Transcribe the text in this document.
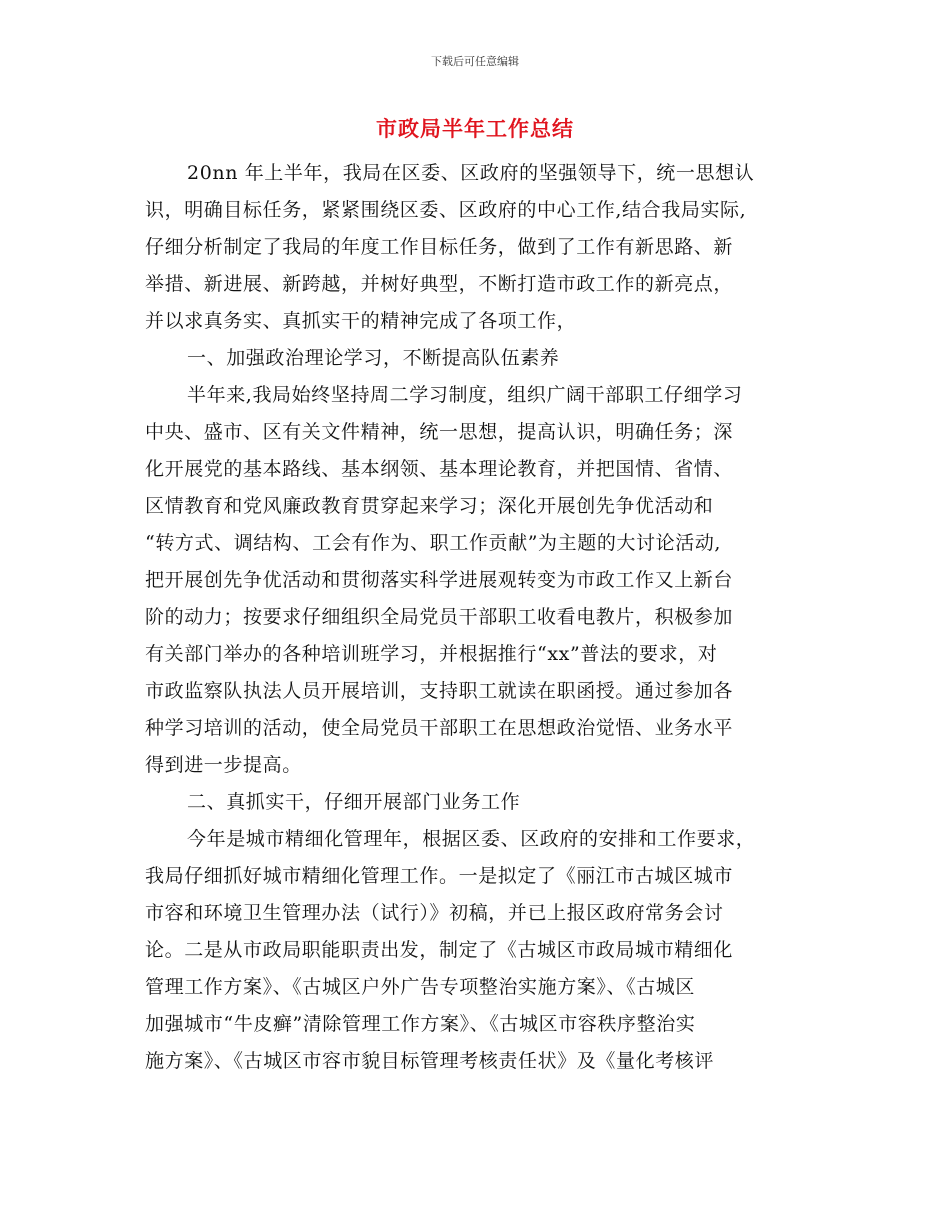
下载后可任意编辑
市政局半年工作总结
20nn 年上半年，我局在区委、区政府的坚强领导下，统一思想认
识，明确目标任务，紧紧围绕区委、区政府的中心工作,结合我局实际,
仔细分析制定了我局的年度工作目标任务，做到了工作有新思路、新
举措、新进展、新跨越，并树好典型，不断打造市政工作的新亮点，
并以求真务实、真抓实干的精神完成了各项工作，
一、加强政治理论学习，不断提高队伍素养
半年来,我局始终坚持周二学习制度，组织广阔干部职工仔细学习
中央、盛市、区有关文件精神，统一思想，提高认识，明确任务；深
化开展党的基本路线、基本纲领、基本理论教育，并把国情、省情、
区情教育和党风廉政教育贯穿起来学习；深化开展创先争优活动和
“转方式、调结构、工会有作为、职工作贡献”为主题的大讨论活动,
把开展创先争优活动和贯彻落实科学进展观转变为市政工作又上新台
阶的动力；按要求仔细组织全局党员干部职工收看电教片，积极参加
有关部门举办的各种培训班学习，并根据推行“xx”普法的要求，对
市政监察队执法人员开展培训，支持职工就读在职函授。通过参加各
种学习培训的活动，使全局党员干部职工在思想政治觉悟、业务水平
得到进一步提高。
二、真抓实干，仔细开展部门业务工作
今年是城市精细化管理年，根据区委、区政府的安排和工作要求，
我局仔细抓好城市精细化管理工作。一是拟定了《丽江市古城区城市
市容和环境卫生管理办法（试行）》初稿，并已上报区政府常务会讨
论。二是从市政局职能职责出发，制定了《古城区市政局城市精细化
管理工作方案》、《古城区户外广告专项整治实施方案》、《古城区
加强城市“牛皮癣”清除管理工作方案》、《古城区市容秩序整治实
施方案》、《古城区市容市貌目标管理考核责任状》及《量化考核评
